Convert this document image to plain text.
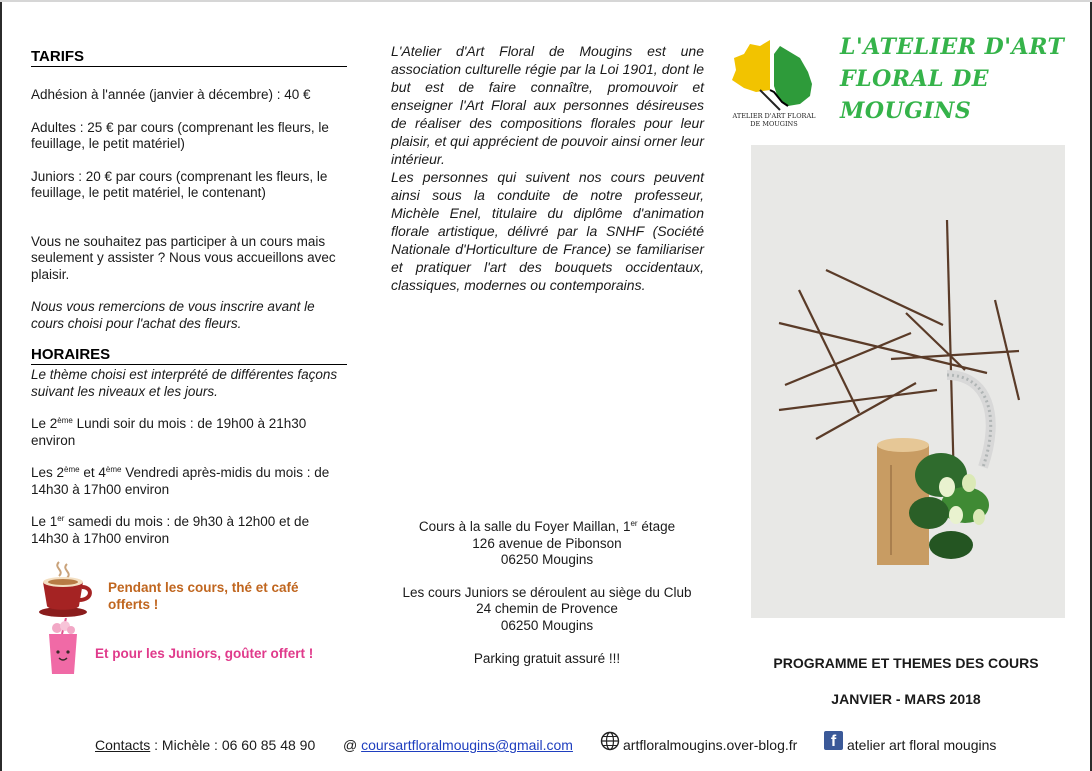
TARIFS

Adhésion à l'année (janvier à décembre) : 40 €

Adultes : 25 € par cours (comprenant les fleurs, le feuillage, le petit matériel)

Juniors : 20 € par cours (comprenant les fleurs, le feuillage, le petit matériel, le contenant)

Vous ne souhaitez pas participer à un cours mais seulement y assister ? Nous vous accueillons avec plaisir.

Nous vous remercions de vous inscrire avant le cours choisi pour l'achat des fleurs.

HORAIRES

Le thème choisi est interprété de différentes façons suivant les niveaux et les jours.

Le 2ème Lundi soir du mois : de 19h00 à 21h30 environ

Les 2ème et 4ème Vendredi après-midis du mois : de 14h30 à 17h00 environ

Le 1er samedi du mois : de 9h30 à 12h00 et de 14h30 à 17h00 environ

Pendant les cours, thé et café offerts !

Et pour les Juniors, goûter offert !

L'Atelier d'Art Floral de Mougins est une association culturelle régie par la Loi 1901, dont le but est de faire connaître, promouvoir et enseigner l'Art Floral aux personnes désireuses de réaliser des compositions florales pour leur plaisir, et qui apprécient de pouvoir ainsi orner leur intérieur.

Les personnes qui suivent nos cours peuvent ainsi sous la conduite de notre professeur, Michèle Enel, titulaire du diplôme d'animation florale artistique, délivré par la SNHF (Société Nationale d'Horticulture de France) se familiariser et pratiquer l'art des bouquets occidentaux, classiques, modernes ou contemporains.

Cours à la salle du Foyer Maillan, 1er étage

126 avenue de Pibonson

06250 Mougins

Les cours Juniors se déroulent au siège du Club

24 chemin de Provence

06250 Mougins

Parking gratuit assuré !!!

ATELIER D'ART FLORAL
DE MOUGINS

L'ATELIER D'ART

FLORAL DE

MOUGINS

PROGRAMME ET THEMES DES COURS

JANVIER - MARS 2018

Contacts : Michèle : 06 60 85 48 90 @ coursartfloralmougins@gmail.com	artfloralmougins.over-blog.fr	f atelier art floral mougins
